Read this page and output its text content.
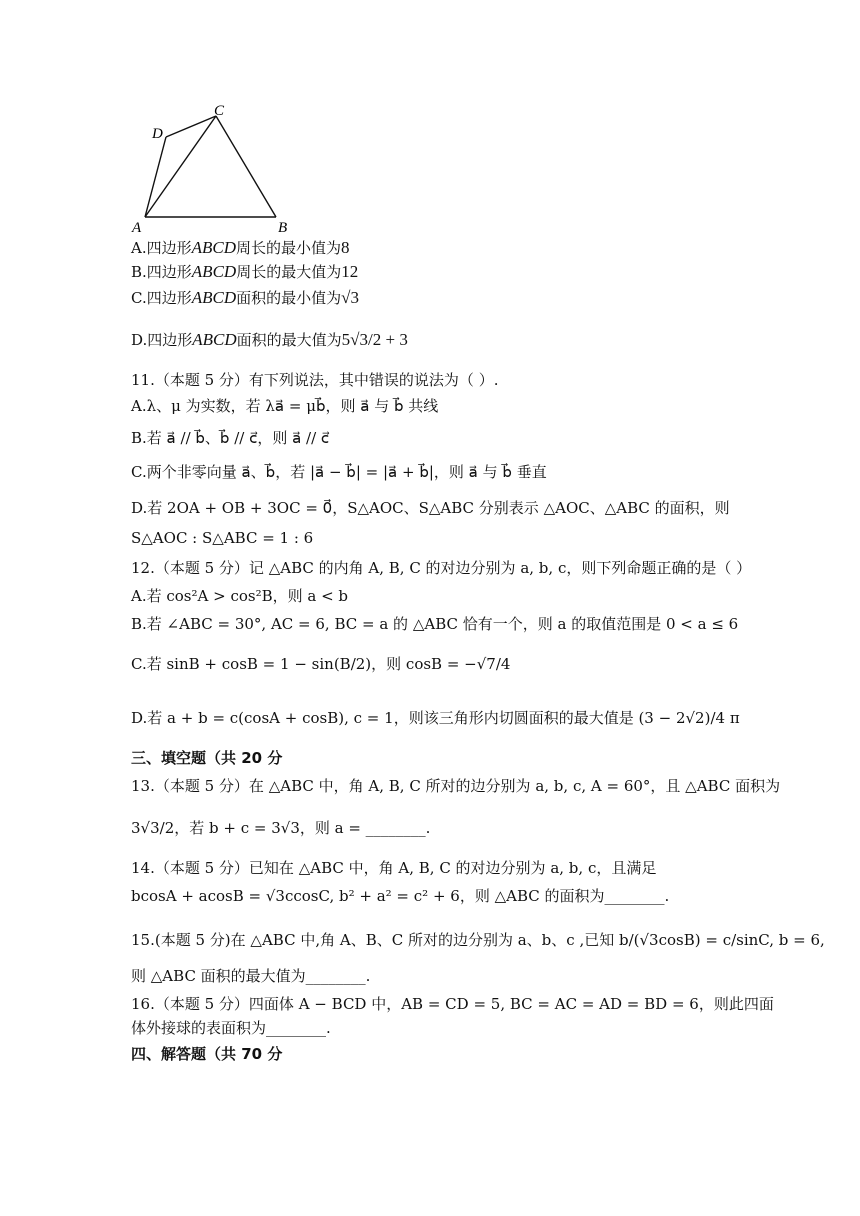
A	B
C
D
A.四边形ABCD周长的最小值为8
B.四边形ABCD周长的最大值为12
C.四边形ABCD面积的最小值为√3
D.四边形ABCD面积的最大值为5√3/2 + 3
11.（本题 5 分）有下列说法，其中错误的说法为（ ）.
A.λ、μ 为实数，若 λa⃗ = μb⃗，则 a⃗ 与 b⃗ 共线
B.若 a⃗ // b⃗、b⃗ // c⃗，则 a⃗ // c⃗
C.两个非零向量 a⃗、b⃗，若 |a⃗ − b⃗| = |a⃗ + b⃗|，则 a⃗ 与 b⃗ 垂直
D.若 2OA + OB + 3OC = 0⃗，S△AOC、S△ABC 分别表示 △AOC、△ABC 的面积，则
S△AOC : S△ABC = 1 : 6
12.（本题 5 分）记 △ABC 的内角 A, B, C 的对边分别为 a, b, c，则下列命题正确的是（ ）
A.若 cos²A > cos²B，则 a < b
B.若 ∠ABC = 30°, AC = 6, BC = a 的 △ABC 恰有一个，则 a 的取值范围是 0 < a ≤ 6
C.若 sinB + cosB = 1 − sin(B/2)，则 cosB = −√7/4
D.若 a + b = c(cosA + cosB), c = 1，则该三角形内切圆面积的最大值是 (3 − 2√2)/4 π
三、填空题（共 20 分
13.（本题 5 分）在 △ABC 中，角 A, B, C 所对的边分别为 a, b, c, A = 60°，且 △ABC 面积为
3√3/2，若 b + c = 3√3，则 a = ________.
14.（本题 5 分）已知在 △ABC 中，角 A, B, C 的对边分别为 a, b, c，且满足
bcosA + acosB = √3ccosC, b² + a² = c² + 6，则 △ABC 的面积为________.
15.(本题 5 分)在 △ABC 中,角 A、B、C 所对的边分别为 a、b、c ,已知 b/(√3cosB) = c/sinC, b = 6,
则 △ABC 面积的最大值为________.
16.（本题 5 分）四面体 A − BCD 中，AB = CD = 5, BC = AC = AD = BD = 6，则此四面
体外接球的表面积为________.
四、解答题（共 70 分
